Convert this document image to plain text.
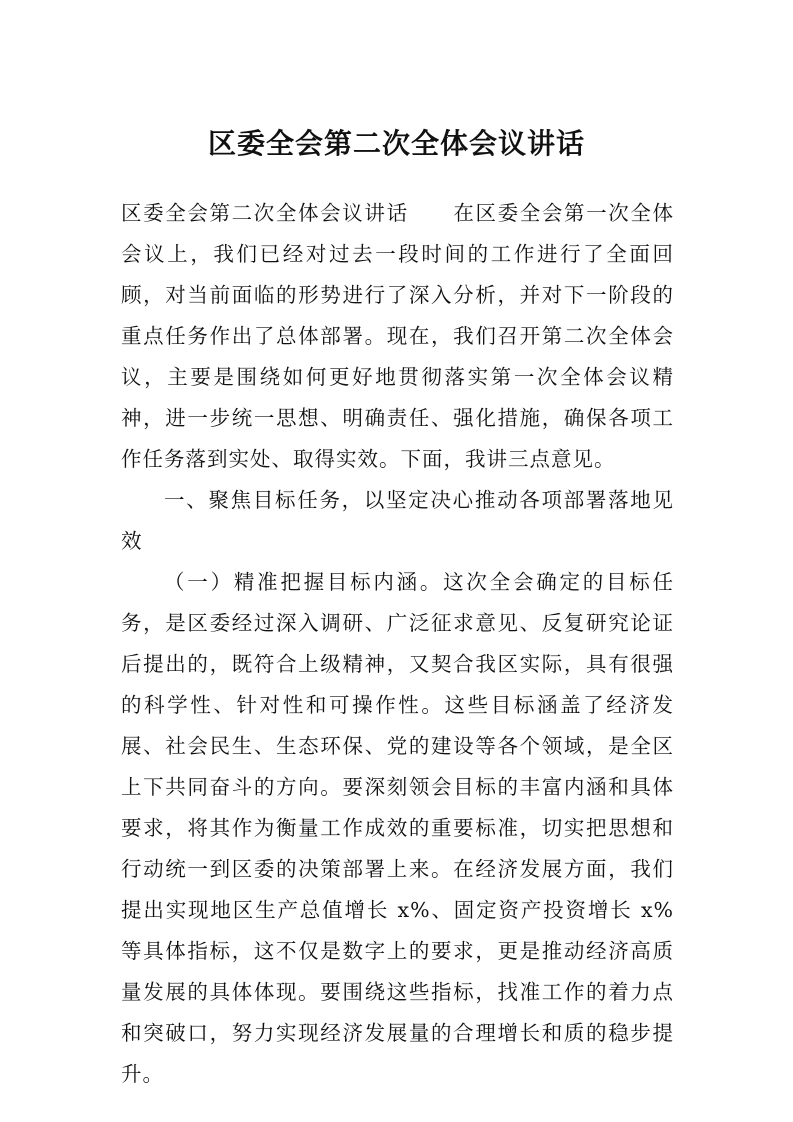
区委全会第二次全体会议讲话

区委全会第二次全体会议讲话 在区委全会第一次全体会议上，我们已经对过去一段时间的工作进行了全面回顾，对当前面临的形势进行了深入分析，并对下一阶段的重点任务作出了总体部署。现在，我们召开第二次全体会议，主要是围绕如何更好地贯彻落实第一次全体会议精神，进一步统一思想、明确责任、强化措施，确保各项工作任务落到实处、取得实效。下面，我讲三点意见。

一、聚焦目标任务，以坚定决心推动各项部署落地见效

（一）精准把握目标内涵。这次全会确定的目标任务，是区委经过深入调研、广泛征求意见、反复研究论证后提出的，既符合上级精神，又契合我区实际，具有很强的科学性、针对性和可操作性。这些目标涵盖了经济发展、社会民生、生态环保、党的建设等各个领域，是全区上下共同奋斗的方向。要深刻领会目标的丰富内涵和具体要求，将其作为衡量工作成效的重要标准，切实把思想和行动统一到区委的决策部署上来。在经济发展方面，我们提出实现地区生产总值增长 x%、固定资产投资增长 x%等具体指标，这不仅是数字上的要求，更是推动经济高质量发展的具体体现。要围绕这些指标，找准工作的着力点和突破口，努力实现经济发展量的合理增长和质的稳步提升。
